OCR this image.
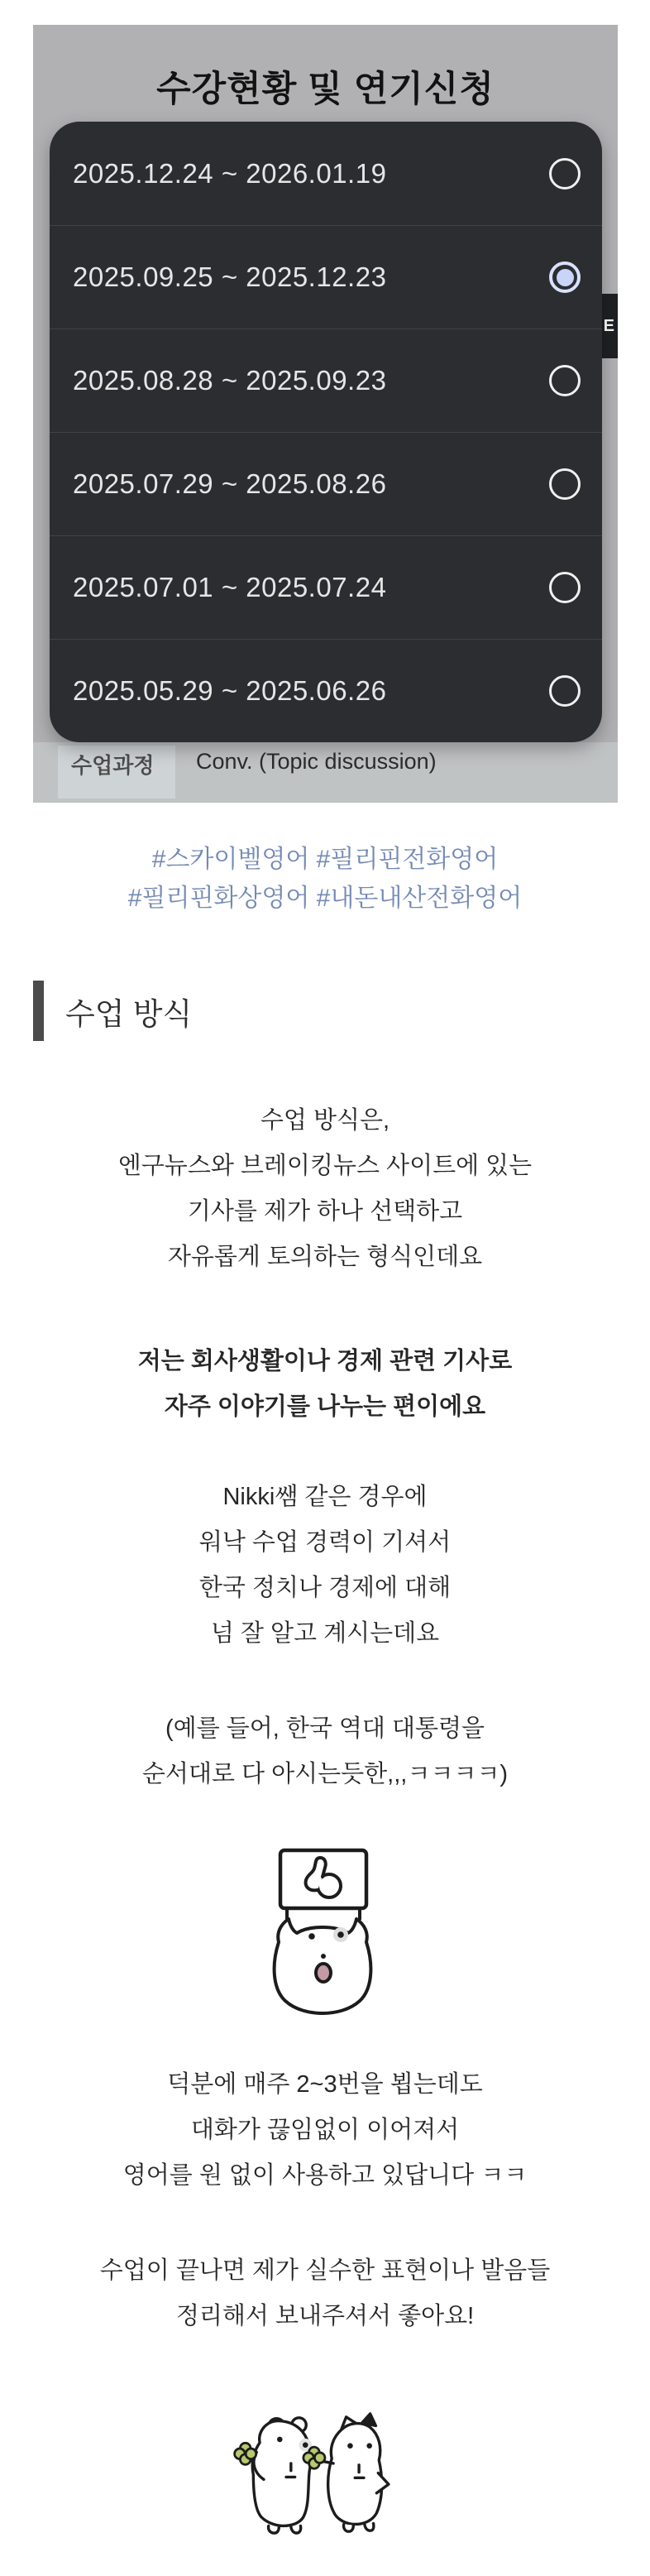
수강현황 및 연기신청
2025.12.24 ~ 2026.01.19
2025.09.25 ~ 2025.12.23
2025.08.28 ~ 2025.09.23
2025.07.29 ~ 2025.08.26
2025.07.01 ~ 2025.07.24
2025.05.29 ~ 2025.06.26
E
수업과정 Conv. (Topic discussion)

#스카이벨영어 #필리핀전화영어

#필리핀화상영어 #내돈내산전화영어

수업 방식

수업 방식은,

엔구뉴스와 브레이킹뉴스 사이트에 있는

기사를 제가 하나 선택하고

자유롭게 토의하는 형식인데요

저는 회사생활이나 경제 관련 기사로

자주 이야기를 나누는 편이에요

Nikki쌤 같은 경우에

워낙 수업 경력이 기셔서

한국 정치나 경제에 대해

넘 잘 알고 계시는데요

(예를 들어, 한국 역대 대통령을

순서대로 다 아시는듯한,,,ㅋㅋㅋㅋ)

덕분에 매주 2~3번을 뵙는데도

대화가 끊임없이 이어져서

영어를 원 없이 사용하고 있답니다 ㅋㅋ

수업이 끝나면 제가 실수한 표현이나 발음들

정리해서 보내주셔서 좋아요!
